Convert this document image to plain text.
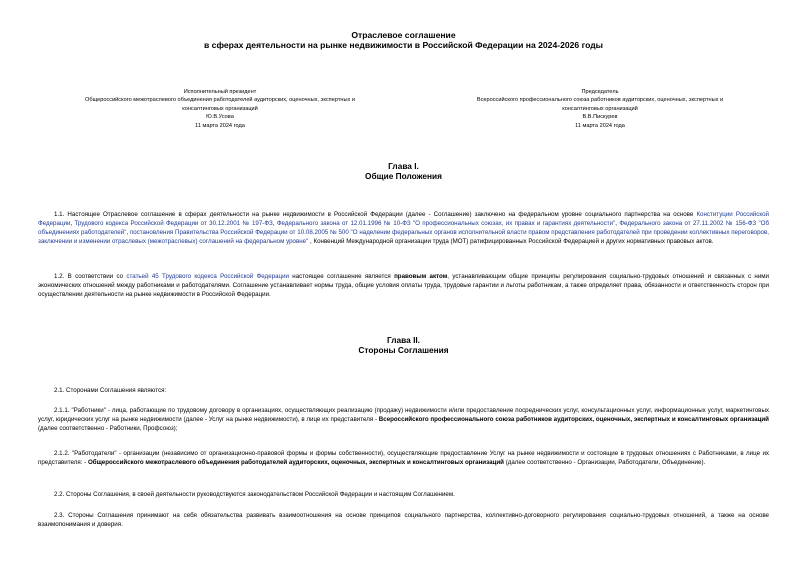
Отраслевое соглашение
в сферах деятельности на рынке недвижимости в Российской Федерации на 2024-2026 годы
Исполнительный президент
Общероссийского межотраслевого объединения работодателей аудиторских, оценочных, экспертных и
консалтинговых организаций
Ю.В.Усова
11 марта 2024 года
Председатель
Всероссийского профессионального союза работников аудиторских, оценочных, экспертных и
консалтинговых организаций
В.В.Пискурев
11 марта 2024 года
Глава I.
Общие Положения
1.1. Настоящее Отраслевое соглашение в сферах деятельности на рынке недвижимости в Российской Федерации (далее - Соглашение) заключено на федеральном уровне социального партнерства на основе Конституции Российской Федерации, Трудового кодекса Российской Федерации от 30.12.2001 № 197-ФЗ, Федерального закона от 12.01.1996 № 10-ФЗ "О профессиональных союзах, их правах и гарантиях деятельности", Федерального закона от 27.11.2002 № 156-ФЗ "Об объединениях работодателей", постановления Правительства Российской Федерации от 10.08.2005 № 500 "О наделении федеральных органов исполнительной власти правом представления работодателей при проведении коллективных переговоров, заключении и изменении отраслевых (межотраслевых) соглашений на федеральном уровне" , Конвенций Международной организации труда (МОТ) ратифицированных Российской Федерацией и других нормативных правовых актов.
1.2. В соответствии со статьей 45 Трудового кодекса Российской Федерации настоящее соглашение является правовым актом, устанавливающим общие принципы регулирования социально-трудовых отношений и связанных с ними экономических отношений между работниками и работодателями. Соглашение устанавливает нормы труда, общие условия оплаты труда, трудовые гарантии и льготы работникам, а также определяет права, обязанности и ответственность сторон при осуществлении деятельности на рынке недвижимости в Российской Федерации.
Глава II.
Стороны Соглашения
2.1. Сторонами Соглашения являются:
2.1.1. "Работники" - лица, работающие по трудовому договору в организациях, осуществляющих реализацию (продажу) недвижимости и/или предоставление посреднических услуг, консультационных услуг, информационных услуг, маркетинговых услуг, юридических услуг на рынке недвижимости (далее - Услуг на рынке недвижимости), в лице их представителя - Всероссийского профессионального союза работников аудиторских, оценочных, экспертных и консалтинговых организаций (далее соответственно - Работники, Профсоюз);
2.1.2. "Работодатели" - организации (независимо от организационно-правовой формы и формы собственности), осуществляющие предоставление Услуг на рынке недвижимости и состоящие в трудовых отношениях с Работниками, в лице их представителя: - Общероссийского межотраслевого объединения работодателей аудиторских, оценочных, экспертных и консалтинговых организаций (далее соответственно - Организации, Работодатели, Объединение).
2.2. Стороны Соглашения, в своей деятельности руководствуются законодательством Российской Федерации и настоящим Соглашением.
2.3. Стороны Соглашения принимают на себя обязательства развивать взаимоотношения на основе принципов социального партнерства, коллективно-договорного регулирования социально-трудовых отношений, а также на основе взаимопонимания и доверия.
